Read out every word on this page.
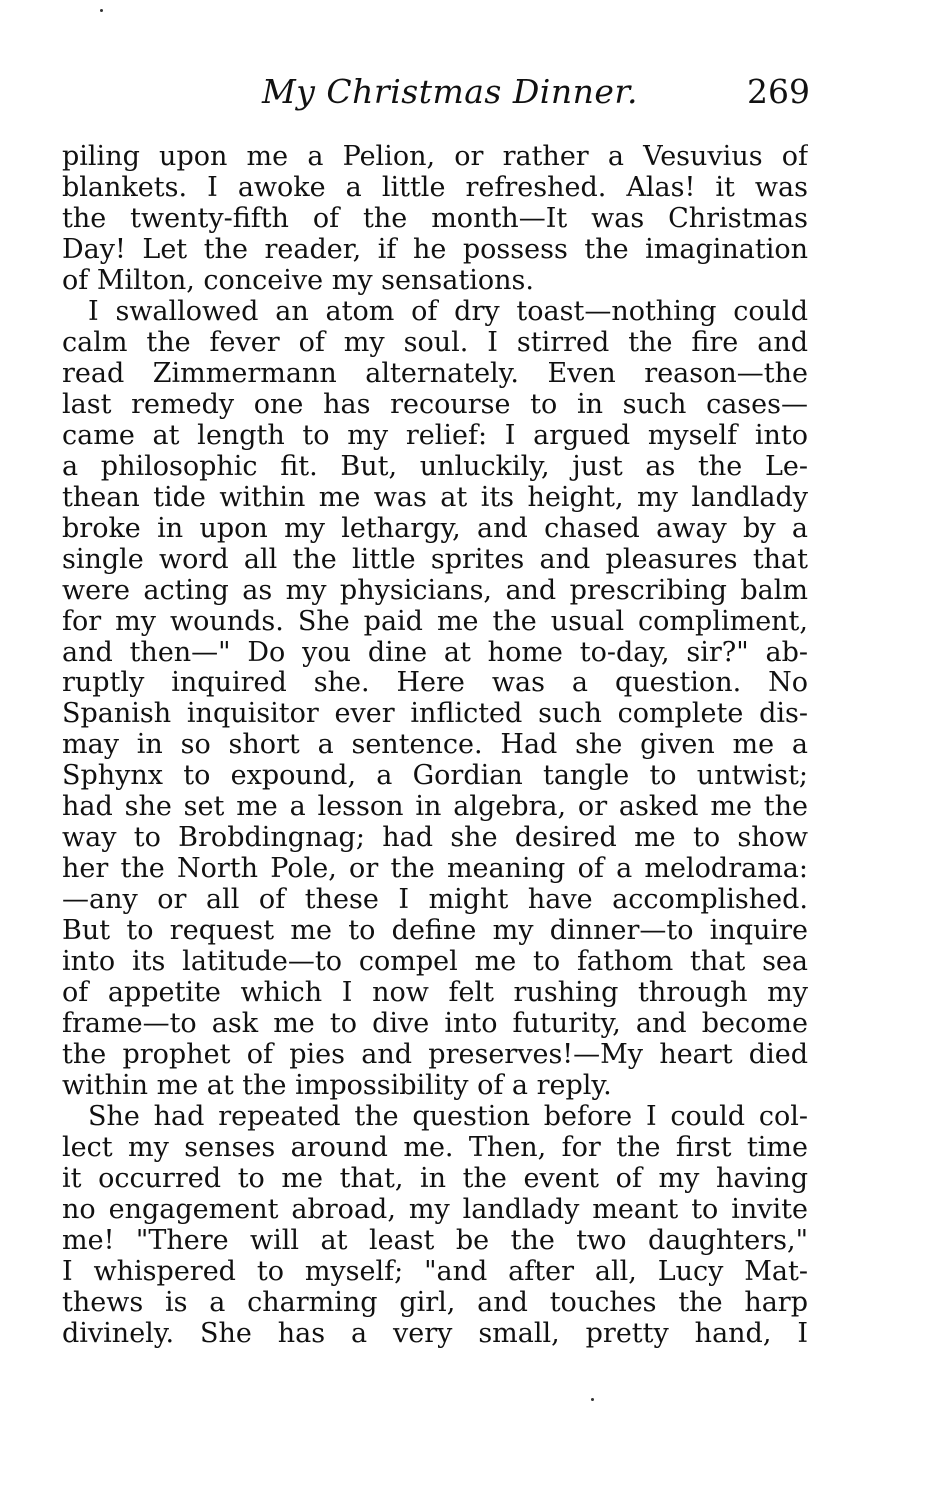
My Christmas Dinner.	269
piling upon me a Pelion, or rather a Vesuvius of
blankets. I awoke a little refreshed. Alas! it was
the twenty-fifth of the month—It was Christmas
Day! Let the reader, if he possess the imagination
of Milton, conceive my sensations.
I swallowed an atom of dry toast—nothing could
calm the fever of my soul. I stirred the fire and
read Zimmermann alternately. Even reason—the
last remedy one has recourse to in such cases—
came at length to my relief: I argued myself into
a philosophic fit. But, unluckily, just as the Le-
thean tide within me was at its height, my landlady
broke in upon my lethargy, and chased away by a
single word all the little sprites and pleasures that
were acting as my physicians, and prescribing balm
for my wounds. She paid me the usual compliment,
and then—" Do you dine at home to-day, sir?" ab-
ruptly inquired she. Here was a question. No
Spanish inquisitor ever inflicted such complete dis-
may in so short a sentence. Had she given me a
Sphynx to expound, a Gordian tangle to untwist;
had she set me a lesson in algebra, or asked me the
way to Brobdingnag; had she desired me to show
her the North Pole, or the meaning of a melodrama:
—any or all of these I might have accomplished.
But to request me to define my dinner—to inquire
into its latitude—to compel me to fathom that sea
of appetite which I now felt rushing through my
frame—to ask me to dive into futurity, and become
the prophet of pies and preserves!—My heart died
within me at the impossibility of a reply.
She had repeated the question before I could col-
lect my senses around me. Then, for the first time
it occurred to me that, in the event of my having
no engagement abroad, my landlady meant to invite
me! "There will at least be the two daughters,"
I whispered to myself; "and after all, Lucy Mat-
thews is a charming girl, and touches the harp
divinely. She has a very small, pretty hand, I
